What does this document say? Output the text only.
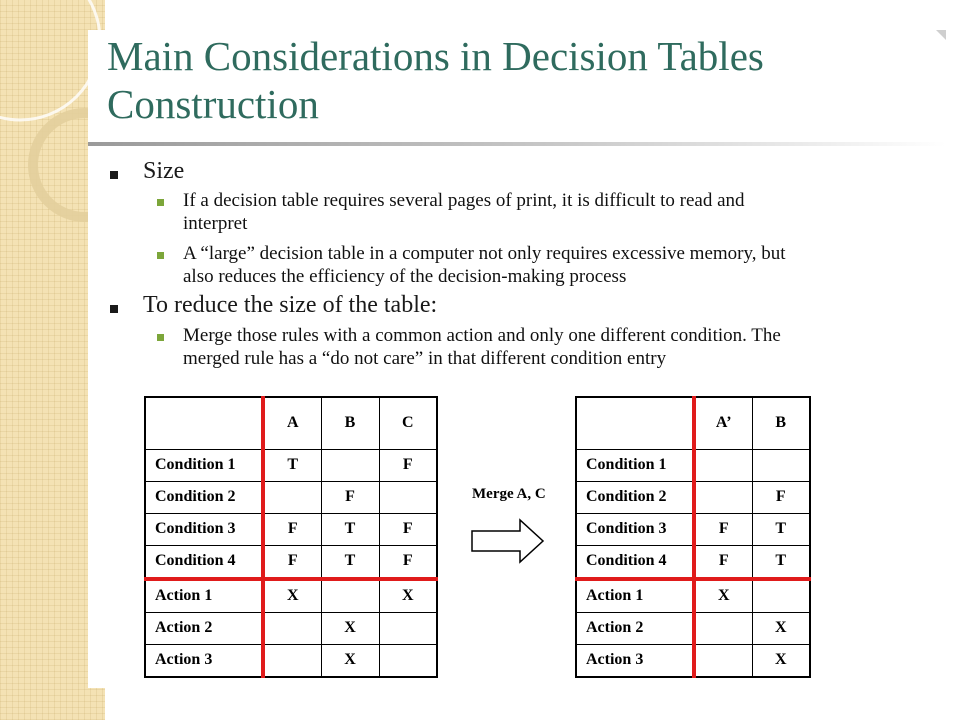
Main Considerations in Decision Tables
Construction
Size
If a decision table requires several pages of print, it is difficult to read and
interpret
A “large” decision table in a computer not only requires excessive memory, but
also reduces the efficiency of the decision-making process
To reduce the size of the table:
Merge those rules with a common action and only one different condition. The
merged rule has a “do not care” in that different condition entry
	A	B	C
Condition 1	T		F
Condition 2		F	
Condition 3	F	T	F
Condition 4	F	T	F
Action 1	X		X
Action 2		X	
Action 3		X	
Merge A, C
	A’	B
Condition 1		
Condition 2		F
Condition 3	F	T
Condition 4	F	T
Action 1	X	
Action 2		X
Action 3		X
